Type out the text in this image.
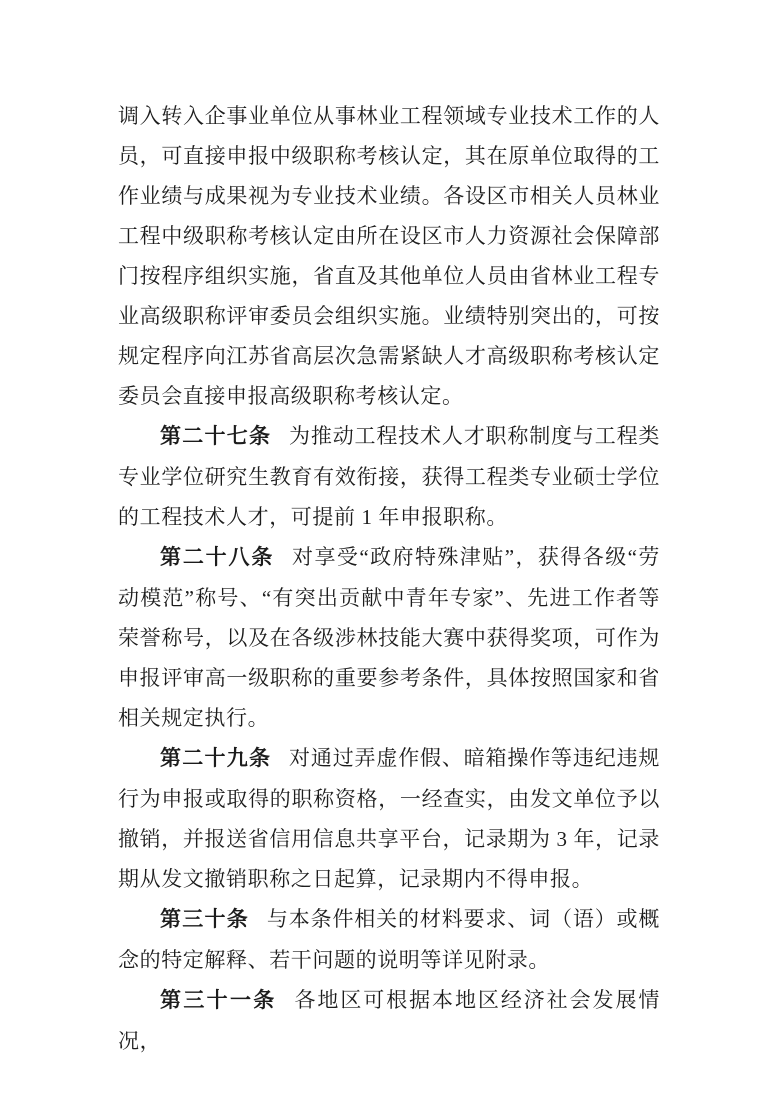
调入转入企事业单位从事林业工程领域专业技术工作的人员，可直接申报中级职称考核认定，其在原单位取得的工作业绩与成果视为专业技术业绩。各设区市相关人员林业工程中级职称考核认定由所在设区市人力资源社会保障部门按程序组织实施，省直及其他单位人员由省林业工程专业高级职称评审委员会组织实施。业绩特别突出的，可按规定程序向江苏省高层次急需紧缺人才高级职称考核认定委员会直接申报高级职称考核认定。

第二十七条 为推动工程技术人才职称制度与工程类专业学位研究生教育有效衔接，获得工程类专业硕士学位的工程技术人才，可提前 1 年申报职称。

第二十八条 对享受“政府特殊津贴”，获得各级“劳动模范”称号、“有突出贡献中青年专家”、先进工作者等荣誉称号，以及在各级涉林技能大赛中获得奖项，可作为申报评审高一级职称的重要参考条件，具体按照国家和省相关规定执行。

第二十九条 对通过弄虚作假、暗箱操作等违纪违规行为申报或取得的职称资格，一经查实，由发文单位予以撤销，并报送省信用信息共享平台，记录期为 3 年，记录期从发文撤销职称之日起算，记录期内不得申报。

第三十条 与本条件相关的材料要求、词（语）或概念的特定解释、若干问题的说明等详见附录。

第三十一条 各地区可根据本地区经济社会发展情况，
